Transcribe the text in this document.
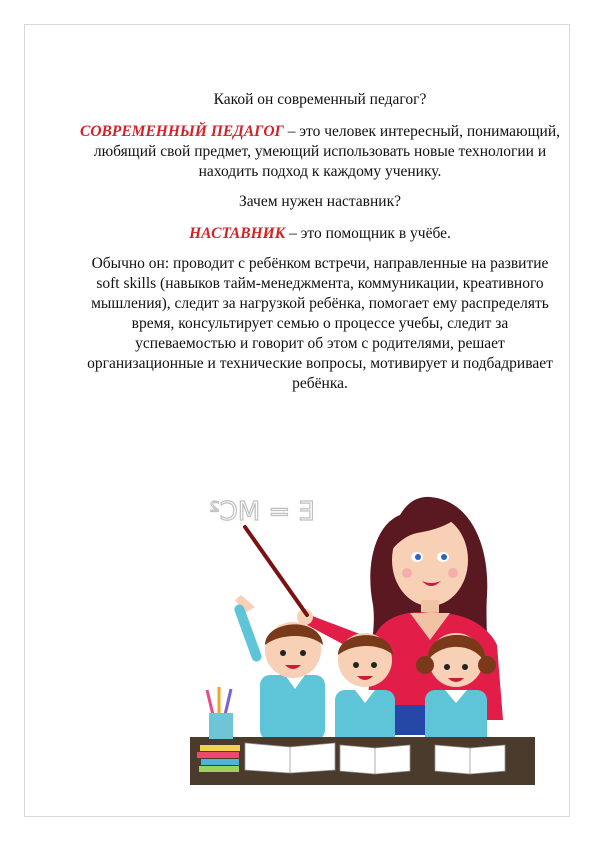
Какой он современный педагог?

СОВРЕМЕННЫЙ ПЕДАГОГ – это человек интересный, понимающий, любящий свой предмет, умеющий использовать новые технологии и находить подход к каждому ученику.

Зачем нужен наставник?

НАСТАВНИК – это помощник в учёбе.

Обычно он: проводит с ребёнком встречи, направленные на развитие soft skills (навыков тайм-менеджмента, коммуникации, креативного мышления), следит за нагрузкой ребёнка, помогает ему распределять время, консультирует семью о процессе учебы, следит за успеваемостью и говорит об этом с родителями, решает организационные и технические вопросы, мотивирует и подбадривает ребёнка.

E = MC²
